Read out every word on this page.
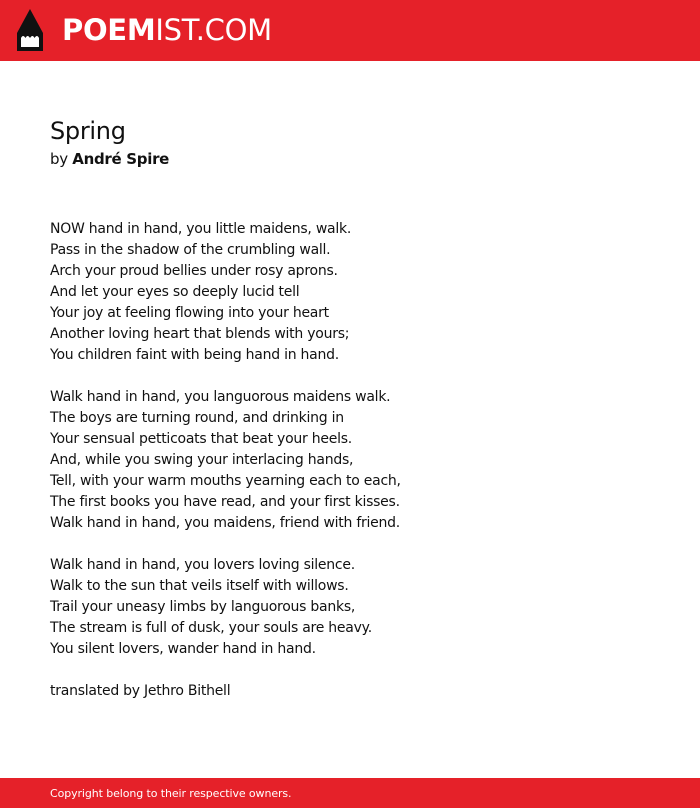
POEMIST.COM
Spring
by André Spire
NOW hand in hand, you little maidens, walk.
Pass in the shadow of the crumbling wall.
Arch your proud bellies under rosy aprons.
And let your eyes so deeply lucid tell
Your joy at feeling flowing into your heart
Another loving heart that blends with yours;
You children faint with being hand in hand.
Walk hand in hand, you languorous maidens walk.
The boys are turning round, and drinking in
Your sensual petticoats that beat your heels.
And, while you swing your interlacing hands,
Tell, with your warm mouths yearning each to each,
The first books you have read, and your first kisses.
Walk hand in hand, you maidens, friend with friend.
Walk hand in hand, you lovers loving silence.
Walk to the sun that veils itself with willows.
Trail your uneasy limbs by languorous banks,
The stream is full of dusk, your souls are heavy.
You silent lovers, wander hand in hand.
translated by Jethro Bithell
Copyright belong to their respective owners.
